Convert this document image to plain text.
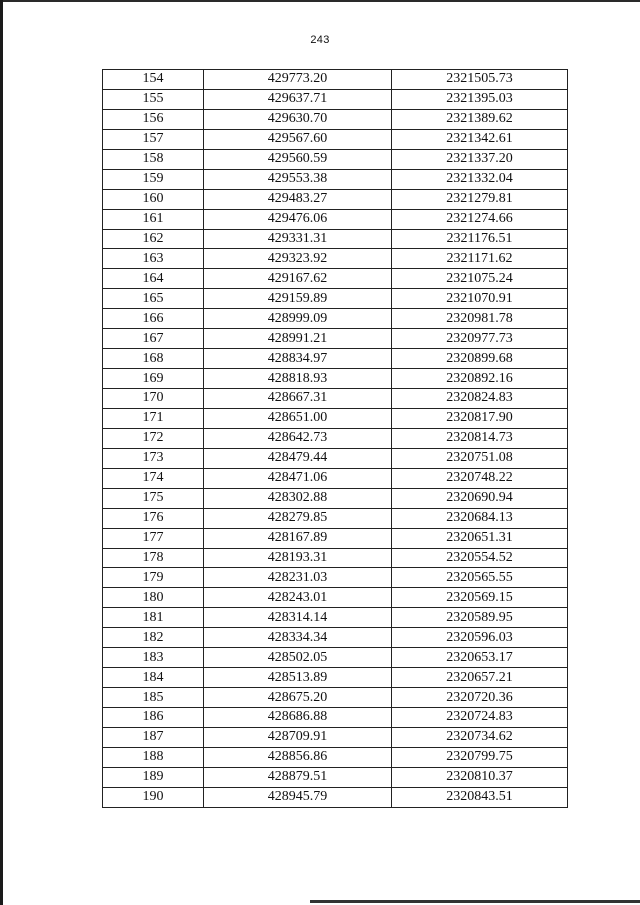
243
154	429773.20	2321505.73
155	429637.71	2321395.03
156	429630.70	2321389.62
157	429567.60	2321342.61
158	429560.59	2321337.20
159	429553.38	2321332.04
160	429483.27	2321279.81
161	429476.06	2321274.66
162	429331.31	2321176.51
163	429323.92	2321171.62
164	429167.62	2321075.24
165	429159.89	2321070.91
166	428999.09	2320981.78
167	428991.21	2320977.73
168	428834.97	2320899.68
169	428818.93	2320892.16
170	428667.31	2320824.83
171	428651.00	2320817.90
172	428642.73	2320814.73
173	428479.44	2320751.08
174	428471.06	2320748.22
175	428302.88	2320690.94
176	428279.85	2320684.13
177	428167.89	2320651.31
178	428193.31	2320554.52
179	428231.03	2320565.55
180	428243.01	2320569.15
181	428314.14	2320589.95
182	428334.34	2320596.03
183	428502.05	2320653.17
184	428513.89	2320657.21
185	428675.20	2320720.36
186	428686.88	2320724.83
187	428709.91	2320734.62
188	428856.86	2320799.75
189	428879.51	2320810.37
190	428945.79	2320843.51
